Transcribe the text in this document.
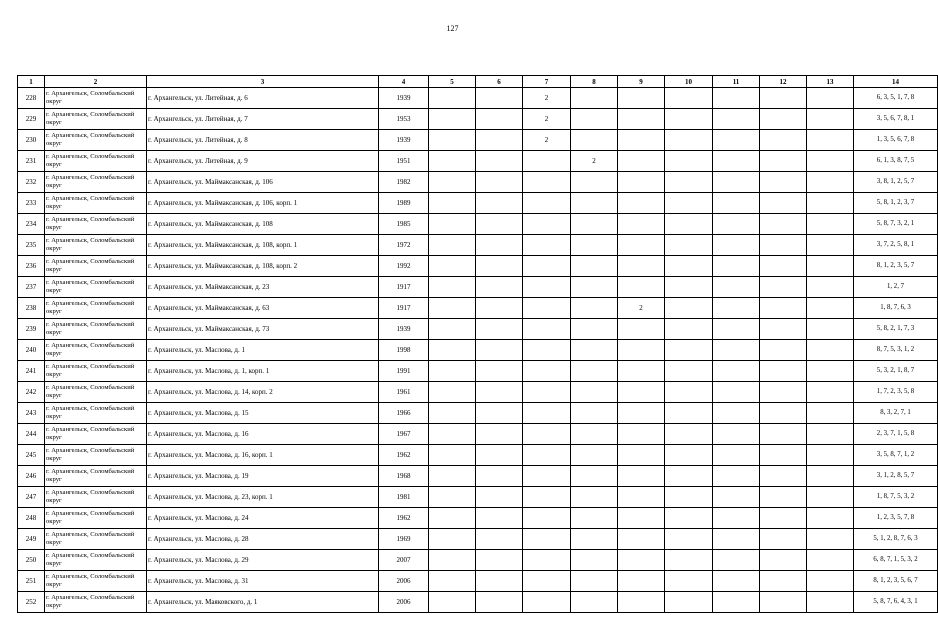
127
1	2	3	4	5	6	7	8	9	10	11	12	13	14
228	г. Архангельск, Соломбальский округ	г. Архангельск, ул. Литейная, д. 6	1939			2							6, 3, 5, 1, 7, 8
229	г. Архангельск, Соломбальский округ	г. Архангельск, ул. Литейная, д. 7	1953			2							3, 5, 6, 7, 8, 1
230	г. Архангельск, Соломбальский округ	г. Архангельск, ул. Литейная, д. 8	1939			2							1, 3, 5, 6, 7, 8
231	г. Архангельск, Соломбальский округ	г. Архангельск, ул. Литейная, д. 9	1951				2						6, 1, 3, 8, 7, 5
232	г. Архангельск, Соломбальский округ	г. Архангельск, ул. Маймаксанская, д. 106	1982										3, 8, 1, 2, 5, 7
233	г. Архангельск, Соломбальский округ	г. Архангельск, ул. Маймаксанская, д. 106, корп. 1	1989										5, 8, 1, 2, 3, 7
234	г. Архангельск, Соломбальский округ	г. Архангельск, ул. Маймаксанская, д. 108	1985										5, 8, 7, 3, 2, 1
235	г. Архангельск, Соломбальский округ	г. Архангельск, ул. Маймаксанская, д. 108, корп. 1	1972										3, 7, 2, 5, 8, 1
236	г. Архангельск, Соломбальский округ	г. Архангельск, ул. Маймаксанская, д. 108, корп. 2	1992										8, 1, 2, 3, 5, 7
237	г. Архангельск, Соломбальский округ	г. Архангельск, ул. Маймаксанская, д. 23	1917										1, 2, 7
238	г. Архангельск, Соломбальский округ	г. Архангельск, ул. Маймаксанская, д. 63	1917					2					1, 8, 7, 6, 3
239	г. Архангельск, Соломбальский округ	г. Архангельск, ул. Маймаксанская, д. 73	1939										5, 8, 2, 1, 7, 3
240	г. Архангельск, Соломбальский округ	г. Архангельск, ул. Маслова, д. 1	1998										8, 7, 5, 3, 1, 2
241	г. Архангельск, Соломбальский округ	г. Архангельск, ул. Маслова, д. 1, корп. 1	1991										5, 3, 2, 1, 8, 7
242	г. Архангельск, Соломбальский округ	г. Архангельск, ул. Маслова, д. 14, корп. 2	1961										1, 7, 2, 3, 5, 8
243	г. Архангельск, Соломбальский округ	г. Архангельск, ул. Маслова, д. 15	1966										8, 3, 2, 7, 1
244	г. Архангельск, Соломбальский округ	г. Архангельск, ул. Маслова, д. 16	1967										2, 3, 7, 1, 5, 8
245	г. Архангельск, Соломбальский округ	г. Архангельск, ул. Маслова, д. 16, корп. 1	1962										3, 5, 8, 7, 1, 2
246	г. Архангельск, Соломбальский округ	г. Архангельск, ул. Маслова, д. 19	1968										3, 1, 2, 8, 5, 7
247	г. Архангельск, Соломбальский округ	г. Архангельск, ул. Маслова, д. 23, корп. 1	1981										1, 8, 7, 5, 3, 2
248	г. Архангельск, Соломбальский округ	г. Архангельск, ул. Маслова, д. 24	1962										1, 2, 3, 5, 7, 8
249	г. Архангельск, Соломбальский округ	г. Архангельск, ул. Маслова, д. 28	1969										5, 1, 2, 8, 7, 6, 3
250	г. Архангельск, Соломбальский округ	г. Архангельск, ул. Маслова, д. 29	2007										6, 8, 7, 1, 5, 3, 2
251	г. Архангельск, Соломбальский округ	г. Архангельск, ул. Маслова, д. 31	2006										8, 1, 2, 3, 5, 6, 7
252	г. Архангельск, Соломбальский округ	г. Архангельск, ул. Маяковского, д. 1	2006										5, 8, 7, 6, 4, 3, 1
